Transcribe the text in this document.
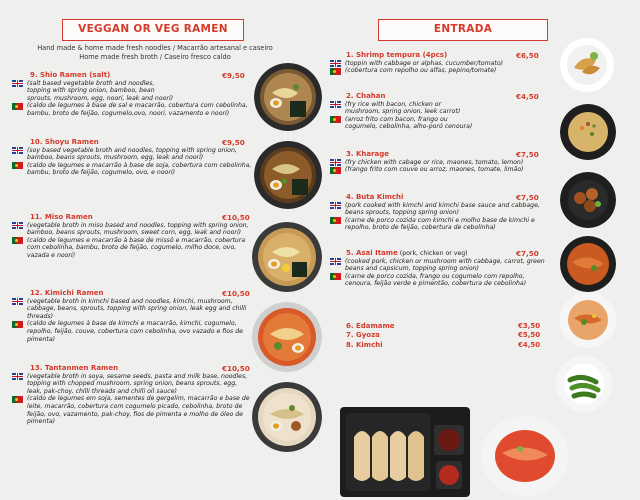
VEGGAN OR VEG RAMEN
Hand made & home made fresh noodles / Macarrão artesanal e caseiro
Home made fresh broth / Caseiro fresco caldo
9. Shio Ramen (salt)	€9,50
(salt based vegetable broth and noodles, topping with spring onion, bamboo, bean sprouts, mushroom, egg, noori, leak and noori)
(caldo de legumes à base de sal e macarrão, cobertura com cebolinha, bambu, broto de feijão, cogumelo,ovo, noori, vazamento e noori)
10. Shoyu Ramen	€9,50
(soy based vegetable broth and noodles, topping with spring onion, bamboo, beans sprouts, mushroom, egg, leak and noori)
(caldo de legumes e macarrão à base de soja, cobertura com cebolinha, bambu, broto de feijão, cogumelo, ovo, e noori)
11. Miso Ramen	€10,50
(vegetable broth in miso based and noodles, topping with spring onion, bamboo, beans sprouts, mushroom, sweet corn, egg, leak and noori)
(caldo de legumes e macarrão à base de missô e macarrão, cobertura com cebolinha, bambu, broto de feijão, cogumelo, milho doce, ovo, vazada e noori)
12. Kimichi Ramen	€10,50
(vegetable broth in kimchi based and noodles, kimchi, mushroom, cabbage, beans, sprouts, topping with spring onion, leak egg and chilli threads)
(caldo de legumes à base de kimchi e macarrão, kimchi, cogumelo, repolho, feijão, couve, cobertura com cebolinha, ovo vazado e fios de pimenta)
13. Tantanmen Ramen	€10,50
(vegetable broth in soya, sesame seeds, pasta and milk base, noodles, topping with chopped mushroom, spring onion, beans sprouts, egg, leak, pak-choy, chilli threads and chilli oil sauce)
(caldo de legumes em soja, sementes de gergelim, macarrão e base de leite, macarrão, cobertura com cogumelo picado, cebolinha, broto de feijão, ovo, vazamento, pak-choy, fios de pimenta e molho de óleo de pimenta)
ENTRADA
1. Shrimp tempura (4pcs)	€6,50
(toppin with cabbage or alphas, cucumber/tomato)
(cobertura com repolho ou alfas, pepino/tomate)
2. Chahan	€4,50
(fry rice with bacon, chicken or mushroom, spring onion, leek carrot)
(arroz frito com bacon, frango ou cogumelo, cebolinha, alho-poró cenoura)
3. Kharage	€7,50
(fry chicken with cabage or rice, maones, tomato, lemon)
(frango frito com couve ou arroz, maones, tomate, limão)
4. Buta Kimchi	€7,50
(pork cooked with kimchi and kimchi base sauce and cabbage, beans sprouts, topping spring onion)
(carne de porco cozida com kimchi e molho base de kimchi e repolho, broto de feijão, cobertura de cebolinha)
5. Asai Itame
(pork, chicken or veg)	€7,50
(cooked pork, chicken or mushroom with cabbage, carrot, green beans and capsicum, topping spring onion)
(carne de porco cozida, frango ou cogumelo com repolho, cenoura, feijão verde e pimentão, cobertura de cebolinha)
6. Edamame	€3,50
7. Gyoza	€5,50
8. Kimchi	€4,50
